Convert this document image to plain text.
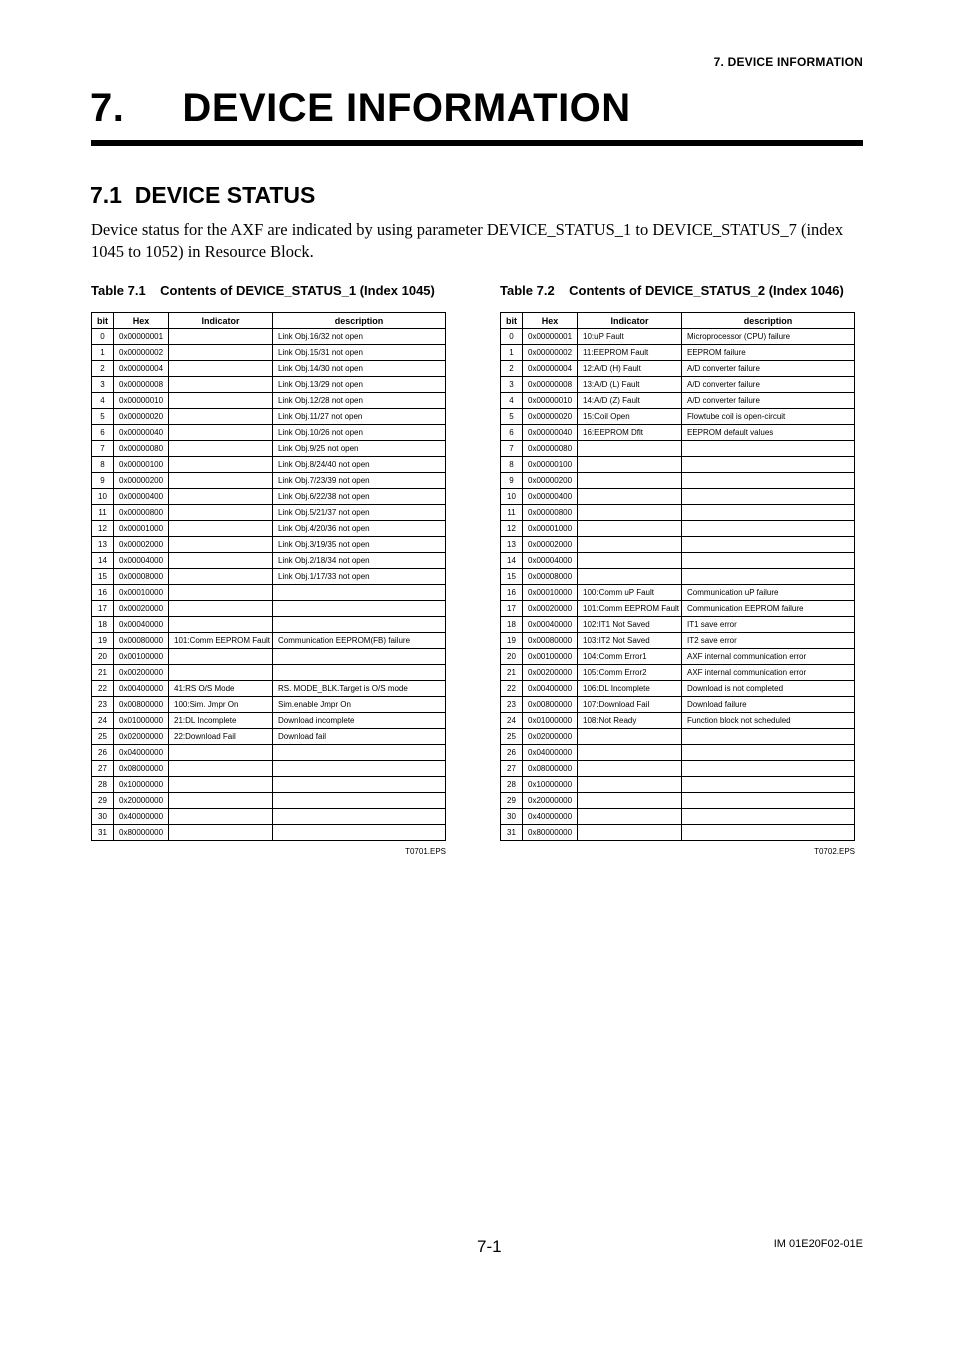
7. DEVICE INFORMATION
7.     DEVICE INFORMATION
7.1  DEVICE STATUS

Device status for the AXF are indicated by using parameter DEVICE_STATUS_1 to DEVICE_STATUS_7 (index 1045 to 1052) in Resource Block.

Table 7.1    Contents of DEVICE_STATUS_1 (Index 1045)
bit	Hex	Indicator	description
0	0x00000001		Link Obj.16/32 not open
1	0x00000002		Link Obj.15/31 not open
2	0x00000004		Link Obj.14/30 not open
3	0x00000008		Link Obj.13/29 not open
4	0x00000010		Link Obj.12/28 not open
5	0x00000020		Link Obj.11/27 not open
6	0x00000040		Link Obj.10/26 not open
7	0x00000080		Link Obj.9/25 not open
8	0x00000100		Link Obj.8/24/40 not open
9	0x00000200		Link Obj.7/23/39 not open
10	0x00000400		Link Obj.6/22/38 not open
11	0x00000800		Link Obj.5/21/37 not open
12	0x00001000		Link Obj.4/20/36 not open
13	0x00002000		Link Obj.3/19/35 not open
14	0x00004000		Link Obj.2/18/34 not open
15	0x00008000		Link Obj.1/17/33 not open
16	0x00010000		
17	0x00020000		
18	0x00040000		
19	0x00080000	101:Comm EEPROM Fault	Communication EEPROM(FB) failure
20	0x00100000		
21	0x00200000		
22	0x00400000	41:RS O/S Mode	RS. MODE_BLK.Target is O/S mode
23	0x00800000	100:Sim. Jmpr On	Sim.enable Jmpr On
24	0x01000000	21:DL Incomplete	Download incomplete
25	0x02000000	22:Download Fail	Download fail
26	0x04000000		
27	0x08000000		
28	0x10000000		
29	0x20000000		
30	0x40000000		
31	0x80000000		
T0701.EPS
Table 7.2    Contents of DEVICE_STATUS_2 (Index 1046)
bit	Hex	Indicator	description
0	0x00000001	10:uP Fault	Microprocessor (CPU) failure
1	0x00000002	11:EEPROM Fault	EEPROM failure
2	0x00000004	12:A/D (H) Fault	A/D converter failure
3	0x00000008	13:A/D (L) Fault	A/D converter failure
4	0x00000010	14:A/D (Z) Fault	A/D converter failure
5	0x00000020	15:Coil Open	Flowtube coil is open-circuit
6	0x00000040	16:EEPROM Dflt	EEPROM default values
7	0x00000080		
8	0x00000100		
9	0x00000200		
10	0x00000400		
11	0x00000800		
12	0x00001000		
13	0x00002000		
14	0x00004000		
15	0x00008000		
16	0x00010000	100:Comm uP Fault	Communication uP failure
17	0x00020000	101:Comm EEPROM Fault	Communication EEPROM failure
18	0x00040000	102:IT1 Not Saved	IT1 save error
19	0x00080000	103:IT2 Not Saved	IT2 save error
20	0x00100000	104:Comm Error1	AXF internal communication error
21	0x00200000	105:Comm Error2	AXF internal communication error
22	0x00400000	106:DL Incomplete	Download is not completed
23	0x00800000	107:Download Fail	Download failure
24	0x01000000	108:Not Ready	Function block not scheduled
25	0x02000000		
26	0x04000000		
27	0x08000000		
28	0x10000000		
29	0x20000000		
30	0x40000000		
31	0x80000000		
T0702.EPS
7-1	IM 01E20F02-01E
